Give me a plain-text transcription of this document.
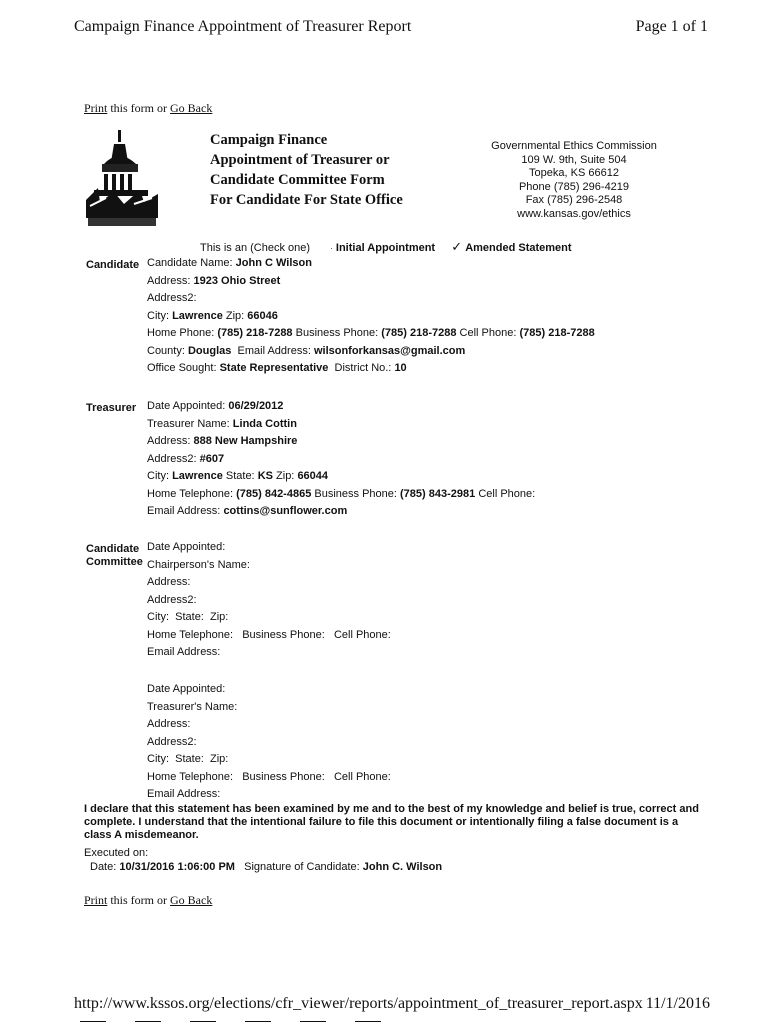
Campaign Finance Appointment of Treasurer Report	Page 1 of 1
Print this form or Go Back
Campaign Finance
Appointment of Treasurer or
Candidate Committee Form
For Candidate For State Office
Governmental Ethics Commission
109 W. 9th, Suite 504
Topeka, KS 66612
Phone (785) 296-4219
Fax (785) 296-2548
www.kansas.gov/ethics
This is an (Check one)	· Initial Appointment ✓ Amended Statement
Candidate Candidate Name: John C Wilson
Address: 1923 Ohio Street
Address2:
City: Lawrence Zip: 66046
Home Phone: (785) 218-7288 Business Phone: (785) 218-7288 Cell Phone: (785) 218-7288
County: Douglas Email Address: wilsonforkansas@gmail.com
Office Sought: State Representative District No.: 10
Treasurer Date Appointed: 06/29/2012
Treasurer Name: Linda Cottin
Address: 888 New Hampshire
Address2: #607
City: Lawrence State: KS Zip: 66044
Home Telephone: (785) 842-4865 Business Phone: (785) 843-2981 Cell Phone:
Email Address: cottins@sunflower.com
Candidate
Committee
Date Appointed:
Chairperson's Name:
Address:
Address2:
City: State: Zip:
Home Telephone: Business Phone: Cell Phone:
Email Address:
Date Appointed:
Treasurer's Name:
Address:
Address2:
City: State: Zip:
Home Telephone: Business Phone: Cell Phone:
Email Address:
I declare that this statement has been examined by me and to the best of my knowledge and belief is true, correct and complete. I understand that the intentional failure to file this document or intentionally filing a false document is a class A misdemeanor.
Executed on:
Date: 10/31/2016 1:06:00 PM Signature of Candidate: John C. Wilson
Print this form or Go Back
http://www.kssos.org/elections/cfr_viewer/reports/appointment_of_treasurer_report.aspx 11/1/2016
